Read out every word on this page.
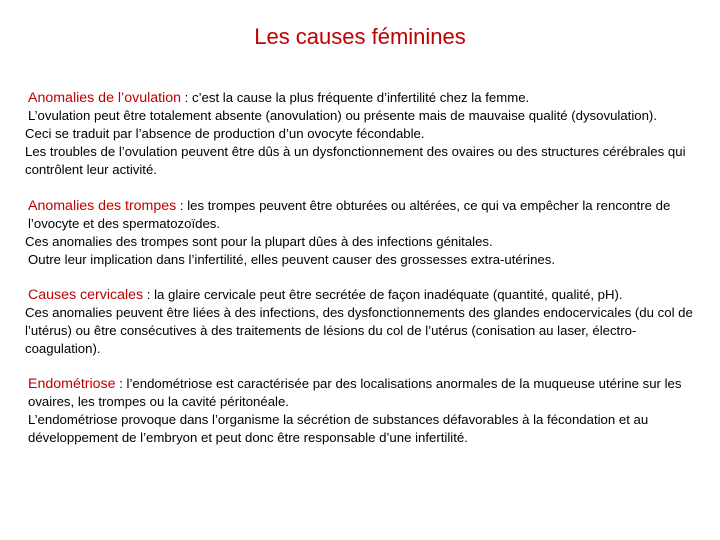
Les causes féminines

Anomalies de l’ovulation : c’est la cause la plus fréquente d’infertilité chez la femme.

L’ovulation peut être totalement absente (anovulation) ou présente mais de mauvaise qualité (dysovulation).

Ceci se traduit par l’absence de production d’un ovocyte fécondable.

Les troubles de l’ovulation peuvent être dûs à un dysfonctionnement des ovaires ou des structures cérébrales qui contrôlent leur activité.

Anomalies des trompes : les trompes peuvent être obturées ou altérées, ce qui va empêcher la rencontre de l’ovocyte et des spermatozoïdes.

Ces anomalies des trompes sont pour la plupart dûes à des infections génitales.

Outre leur implication dans l’infertilité, elles peuvent causer des grossesses extra-utérines.

Causes cervicales : la glaire cervicale peut être secrétée de façon inadéquate (quantité, qualité, pH).

Ces anomalies peuvent être liées à des infections, des dysfonctionnements des glandes endocervicales (du col de l’utérus) ou être consécutives à des traitements de lésions du col de l’utérus (conisation au laser, électro-coagulation).

Endométriose : l’endométriose est caractérisée par des localisations anormales de la muqueuse utérine sur les ovaires, les trompes ou la cavité péritonéale.

L’endométriose provoque dans l’organisme la sécrétion de substances défavorables à la fécondation et au développement de l’embryon et peut donc être responsable d’une infertilité.
